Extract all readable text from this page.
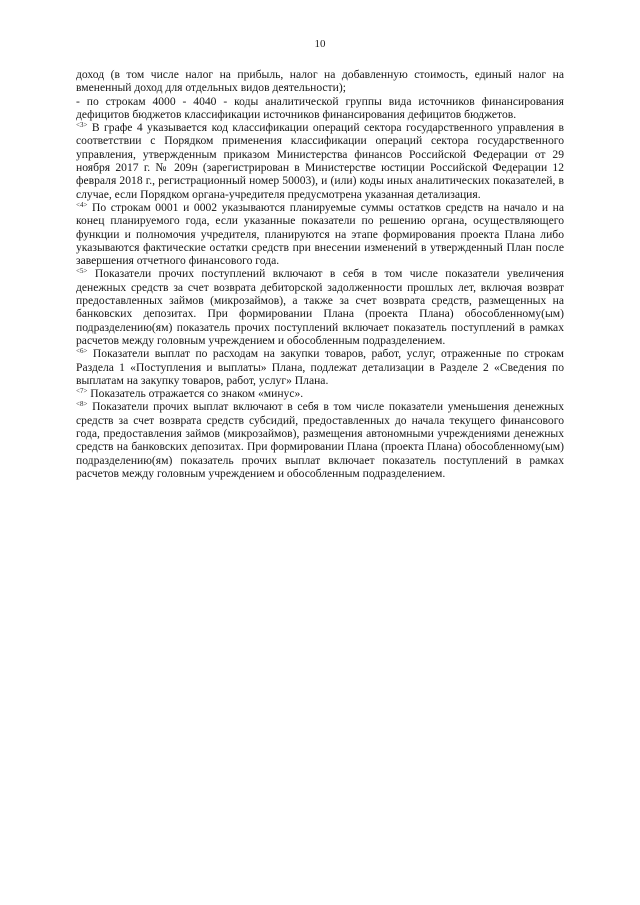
10

доход (в том числе налог на прибыль, налог на добавленную стоимость, единый налог на вмененный доход для отдельных видов деятельности);

- по строкам 4000 - 4040 - коды аналитической группы вида источников финансирования дефицитов бюджетов классификации источников финансирования дефицитов бюджетов.

$^{<3>}$ В графе 4 указывается код классификации операций сектора государственного управления в соответствии с Порядком применения классификации операций сектора государственного управления, утвержденным приказом Министерства финансов Российской Федерации от 29 ноября 2017 г. № 209н (зарегистрирован в Министерстве юстиции Российской Федерации 12 февраля 2018 г., регистрационный номер 50003), и (или) коды иных аналитических показателей, в случае, если Порядком органа-учредителя предусмотрена указанная детализация.

$^{<4>}$ По строкам 0001 и 0002 указываются планируемые суммы остатков средств на начало и на конец планируемого года, если указанные показатели по решению органа, осуществляющего функции и полномочия учредителя, планируются на этапе формирования проекта Плана либо указываются фактические остатки средств при внесении изменений в утвержденный План после завершения отчетного финансового года.

$^{<5>}$ Показатели прочих поступлений включают в себя в том числе показатели увеличения денежных средств за счет возврата дебиторской задолженности прошлых лет, включая возврат предоставленных займов (микрозаймов), а также за счет возврата средств, размещенных на банковских депозитах. При формировании Плана (проекта Плана) обособленному(ым) подразделению(ям) показатель прочих поступлений включает показатель поступлений в рамках расчетов между головным учреждением и обособленным подразделением.

$^{<6>}$ Показатели выплат по расходам на закупки товаров, работ, услуг, отраженные по строкам Раздела 1 «Поступления и выплаты» Плана, подлежат детализации в Разделе 2 «Сведения по выплатам на закупку товаров, работ, услуг» Плана.

$^{<7>}$ Показатель отражается со знаком «минус».

$^{<8>}$ Показатели прочих выплат включают в себя в том числе показатели уменьшения денежных средств за счет возврата средств субсидий, предоставленных до начала текущего финансового года, предоставления займов (микрозаймов), размещения автономными учреждениями денежных средств на банковских депозитах. При формировании Плана (проекта Плана) обособленному(ым) подразделению(ям) показатель прочих выплат включает показатель поступлений в рамках расчетов между головным учреждением и обособленным подразделением.
